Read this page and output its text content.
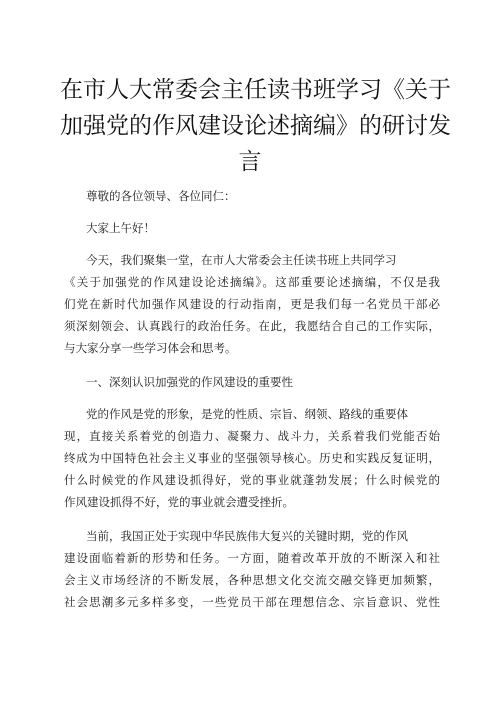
在市人大常委会主任读书班学习《关于
加强党的作风建设论述摘编》的研讨发
言
尊敬的各位领导、各位同仁：
大家上午好！
今天，我们聚集一堂，在市人大常委会主任读书班上共同学习
《关于加强党的作风建设论述摘编》。这部重要论述摘编，不仅是我
们党在新时代加强作风建设的行动指南，更是我们每一名党员干部必
须深刻领会、认真践行的政治任务。在此，我愿结合自己的工作实际，
与大家分享一些学习体会和思考。
一、深刻认识加强党的作风建设的重要性
党的作风是党的形象，是党的性质、宗旨、纲领、路线的重要体
现，直接关系着党的创造力、凝聚力、战斗力，关系着我们党能否始
终成为中国特色社会主义事业的坚强领导核心。历史和实践反复证明，
什么时候党的作风建设抓得好，党的事业就蓬勃发展；什么时候党的
作风建设抓得不好，党的事业就会遭受挫折。
当前，我国正处于实现中华民族伟大复兴的关键时期，党的作风
建设面临着新的形势和任务。一方面，随着改革开放的不断深入和社
会主义市场经济的不断发展，各种思想文化交流交融交锋更加频繁，
社会思潮多元多样多变，一些党员干部在理想信念、宗旨意识、党性
